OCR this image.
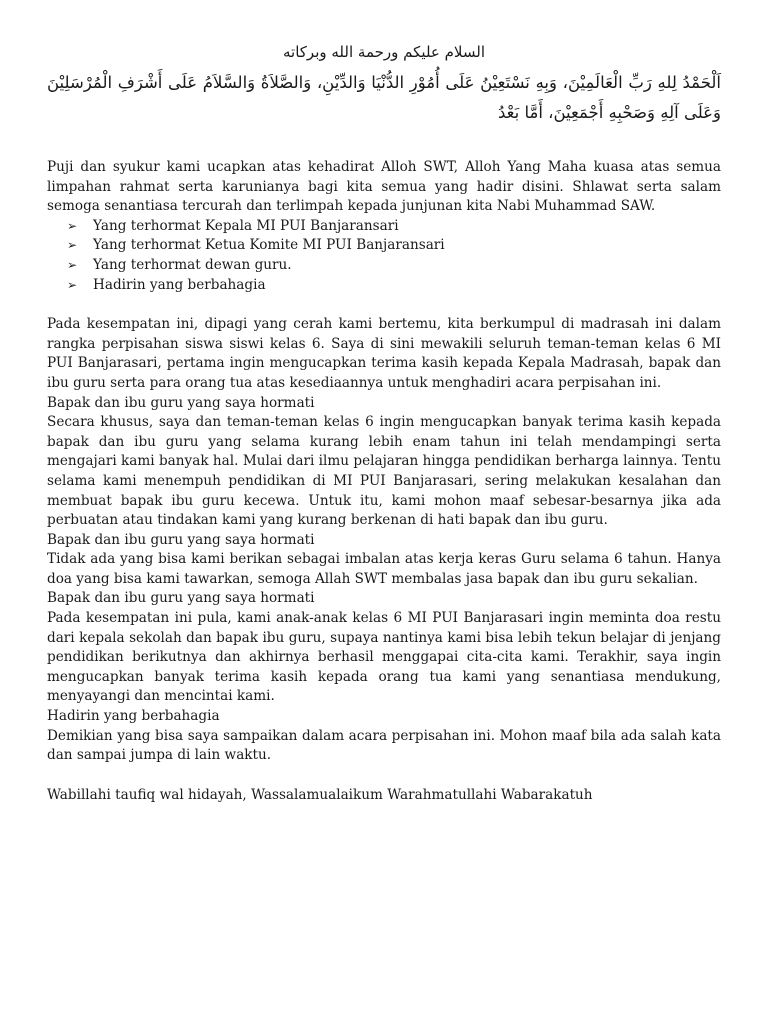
السلام عليكم ورحمة الله وبركاته

اَلْحَمْدُ لِلهِ رَبِّ الْعَالَمِيْنَ، وَبِهِ نَسْتَعِيْنُ عَلَى أُمُوْرِ الدُّنْيَا وَالدِّيْنِ، وَالصَّلاَةُ وَالسَّلاَمُ عَلَى أَشْرَفِ الْمُرْسَلِيْنَ وَعَلَى آلِهِ وَصَحْبِهِ أَجْمَعِيْنَ، أَمَّا بَعْدُ

Puji dan syukur kami ucapkan atas kehadirat Alloh SWT, Alloh Yang Maha kuasa atas semua limpahan rahmat serta karunianya bagi kita semua yang hadir disini. Shlawat serta salam semoga senantiasa tercurah dan terlimpah kepada junjunan kita Nabi Muhammad SAW.

➢	Yang terhormat Kepala MI PUI Banjaransari
➢	Yang terhormat Ketua Komite MI PUI Banjaransari
➢	Yang terhormat dewan guru.
➢	Hadirin yang berbahagia

Pada kesempatan ini, dipagi yang cerah kami bertemu, kita berkumpul di madrasah ini dalam rangka perpisahan siswa siswi kelas 6. Saya di sini mewakili seluruh teman-teman kelas 6 MI PUI Banjarasari, pertama ingin mengucapkan terima kasih kepada Kepala Madrasah, bapak dan ibu guru serta para orang tua atas kesediaannya untuk menghadiri acara perpisahan ini.

Bapak dan ibu guru yang saya hormati

Secara khusus, saya dan teman-teman kelas 6 ingin mengucapkan banyak terima kasih kepada bapak dan ibu guru yang selama kurang lebih enam tahun ini telah mendampingi serta mengajari kami banyak hal. Mulai dari ilmu pelajaran hingga pendidikan berharga lainnya. Tentu selama kami menempuh pendidikan di MI PUI Banjarasari, sering melakukan kesalahan dan membuat bapak ibu guru kecewa. Untuk itu, kami mohon maaf sebesar-besarnya jika ada perbuatan atau tindakan kami yang kurang berkenan di hati bapak dan ibu guru.

Bapak dan ibu guru yang saya hormati

Tidak ada yang bisa kami berikan sebagai imbalan atas kerja keras Guru selama 6 tahun. Hanya doa yang bisa kami tawarkan, semoga Allah SWT membalas jasa bapak dan ibu guru sekalian.

Bapak dan ibu guru yang saya hormati

Pada kesempatan ini pula, kami anak-anak kelas 6 MI PUI Banjarasari ingin meminta doa restu dari kepala sekolah dan bapak ibu guru, supaya nantinya kami bisa lebih tekun belajar di jenjang pendidikan berikutnya dan akhirnya berhasil menggapai cita-cita kami. Terakhir, saya ingin mengucapkan banyak terima kasih kepada orang tua kami yang senantiasa mendukung, menyayangi dan mencintai kami.

Hadirin yang berbahagia

Demikian yang bisa saya sampaikan dalam acara perpisahan ini. Mohon maaf bila ada salah kata dan sampai jumpa di lain waktu.

Wabillahi taufiq wal hidayah, Wassalamualaikum Warahmatullahi Wabarakatuh
